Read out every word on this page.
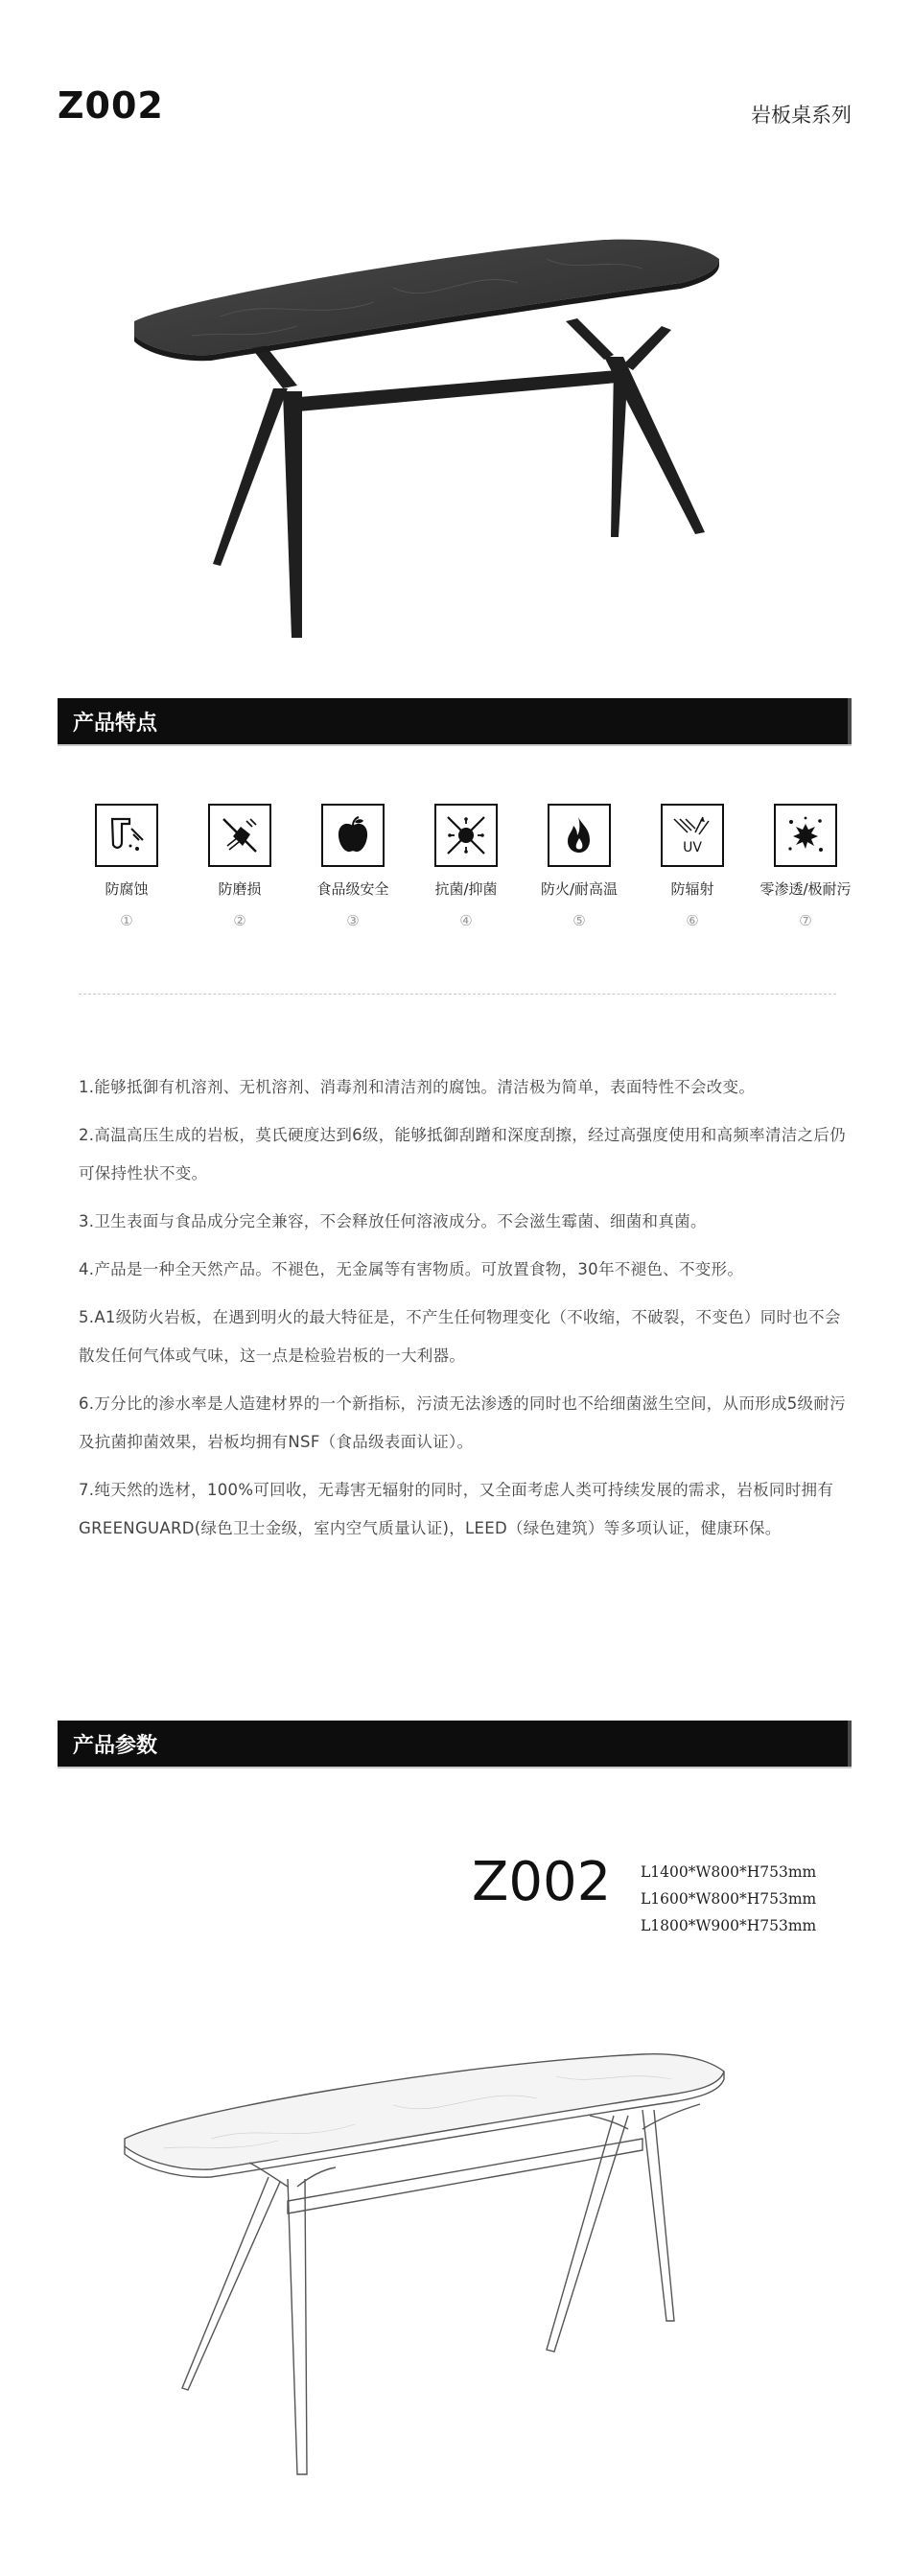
Z002	岩板桌系列
产品特点
防腐蚀
①
防磨损
②
食品级安全
③
抗菌/抑菌
④
防火/耐高温
⑤
UV
防辐射
⑥
零渗透/极耐污
⑦

1.能够抵御有机溶剂、无机溶剂、消毒剂和清洁剂的腐蚀。清洁极为简单，表面特性不会改变。

2.高温高压生成的岩板，莫氏硬度达到6级，能够抵御刮蹭和深度刮擦，经过高强度使用和高频率清洁之后仍可保持性状不变。

3.卫生表面与食品成分完全兼容，不会释放任何溶液成分。不会滋生霉菌、细菌和真菌。

4.产品是一种全天然产品。不褪色，无金属等有害物质。可放置食物，30年不褪色、不变形。

5.A1级防火岩板，在遇到明火的最大特征是，不产生任何物理变化（不收缩，不破裂，不变色）同时也不会散发任何气体或气味，这一点是检验岩板的一大利器。

6.万分比的渗水率是人造建材界的一个新指标，污渍无法渗透的同时也不给细菌滋生空间，从而形成5级耐污及抗菌抑菌效果，岩板均拥有NSF（食品级表面认证）。

7.纯天然的选材，100%可回收，无毒害无辐射的同时，又全面考虑人类可持续发展的需求，岩板同时拥有GREENGUARD(绿色卫士金级，室内空气质量认证)，LEED（绿色建筑）等多项认证，健康环保。

产品参数
Z002 L1400*W800*H753mm
L1600*W800*H753mm
L1800*W900*H753mm
